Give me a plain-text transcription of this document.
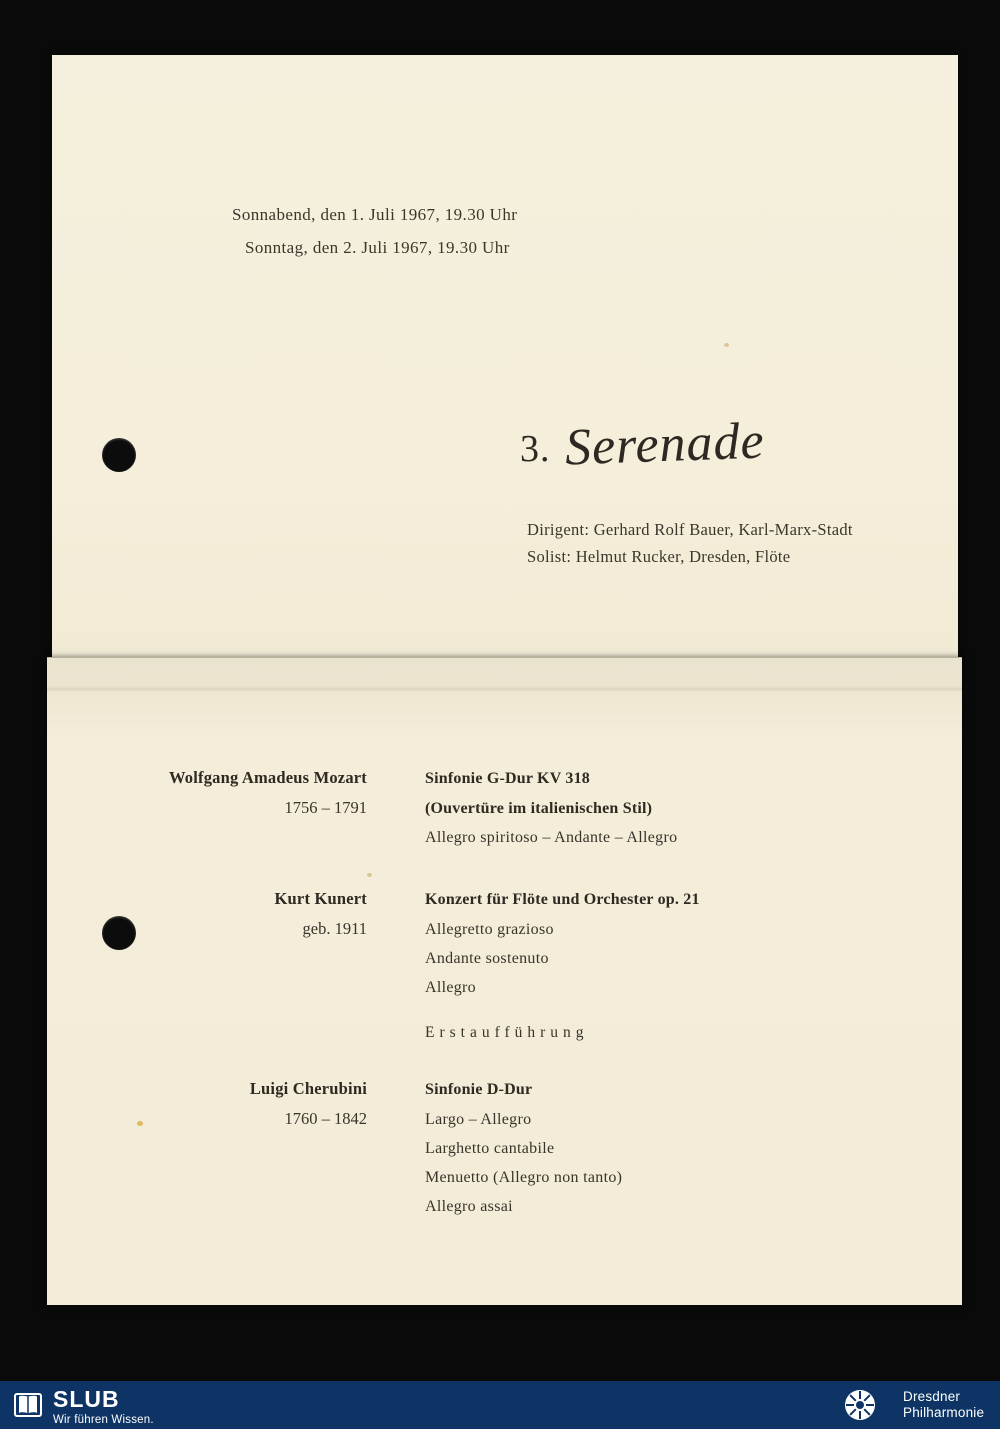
Sonnabend, den 1. Juli 1967, 19.30 Uhr
Sonntag, den 2. Juli 1967, 19.30 Uhr
3. Serenade
Dirigent: Gerhard Rolf Bauer, Karl-Marx-Stadt
Solist: Helmut Rucker, Dresden, Flöte
Wolfgang Amadeus Mozart	Sinfonie G-Dur KV 318
1756 – 1791	(Ouvertüre im italienischen Stil)
Allegro spiritoso – Andante – Allegro
Kurt Kunert	Konzert für Flöte und Orchester op. 21
geb. 1911	Allegretto grazioso
Andante sostenuto
Allegro
Erstaufführung
Luigi Cherubini	Sinfonie D-Dur
1760 – 1842	Largo – Allegro
Larghetto cantabile
Menuetto (Allegro non tanto)
Allegro assai
SLUB
Wir führen Wissen.
Dresdner
Philharmonie
